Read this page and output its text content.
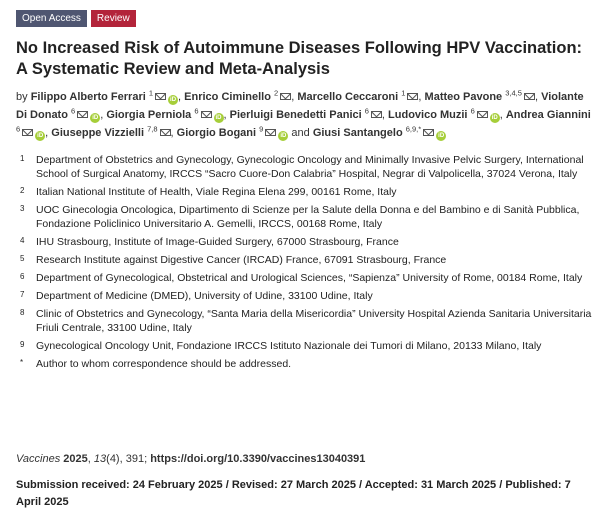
Open Access	Review
No Increased Risk of Autoimmune Diseases Following HPV Vaccination: A Systematic Review and Meta-Analysis
by Filippo Alberto Ferrari $^1$iD , Enrico Ciminello $^2$ , Marcello Ceccaroni $^1$ , Matteo Pavone $^{3,4,5}$ , Violante Di Donato $^6$iD , Giorgia Perniola $^6$iD , Pierluigi Benedetti Panici $^6$ , Ludovico Muzii $^6$iD , Andrea Giannini $^6$iD , Giuseppe Vizzielli $^{7,8}$ , Giorgio Bogani $^9$iD and Giusi Santangelo $^{6,9,*}$iD
1	Department of Obstetrics and Gynecology, Gynecologic Oncology and Minimally Invasive Pelvic Surgery, International School of Surgical Anatomy, IRCCS “Sacro Cuore-Don Calabria” Hospital, Negrar di Valpolicella, 37024 Verona, Italy
2	Italian National Institute of Health, Viale Regina Elena 299, 00161 Rome, Italy
3	UOC Ginecologia Oncologica, Dipartimento di Scienze per la Salute della Donna e del Bambino e di Sanità Pubblica, Fondazione Policlinico Universitario A. Gemelli, IRCCS, 00168 Rome, Italy
4	IHU Strasbourg, Institute of Image-Guided Surgery, 67000 Strasbourg, France
5	Research Institute against Digestive Cancer (IRCAD) France, 67091 Strasbourg, France
6	Department of Gynecological, Obstetrical and Urological Sciences, “Sapienza” University of Rome, 00184 Rome, Italy
7	Department of Medicine (DMED), University of Udine, 33100 Udine, Italy
8	Clinic of Obstetrics and Gynecology, “Santa Maria della Misericordia” University Hospital Azienda Sanitaria Universitaria Friuli Centrale, 33100 Udine, Italy
9	Gynecological Oncology Unit, Fondazione IRCCS Istituto Nazionale dei Tumori di Milano, 20133 Milano, Italy
*	Author to whom correspondence should be addressed.
Vaccines 2025, 13(4), 391; https://doi.org/10.3390/vaccines13040391
Submission received: 24 February 2025 / Revised: 27 March 2025 / Accepted: 31 March 2025 / Published: 7 April 2025
